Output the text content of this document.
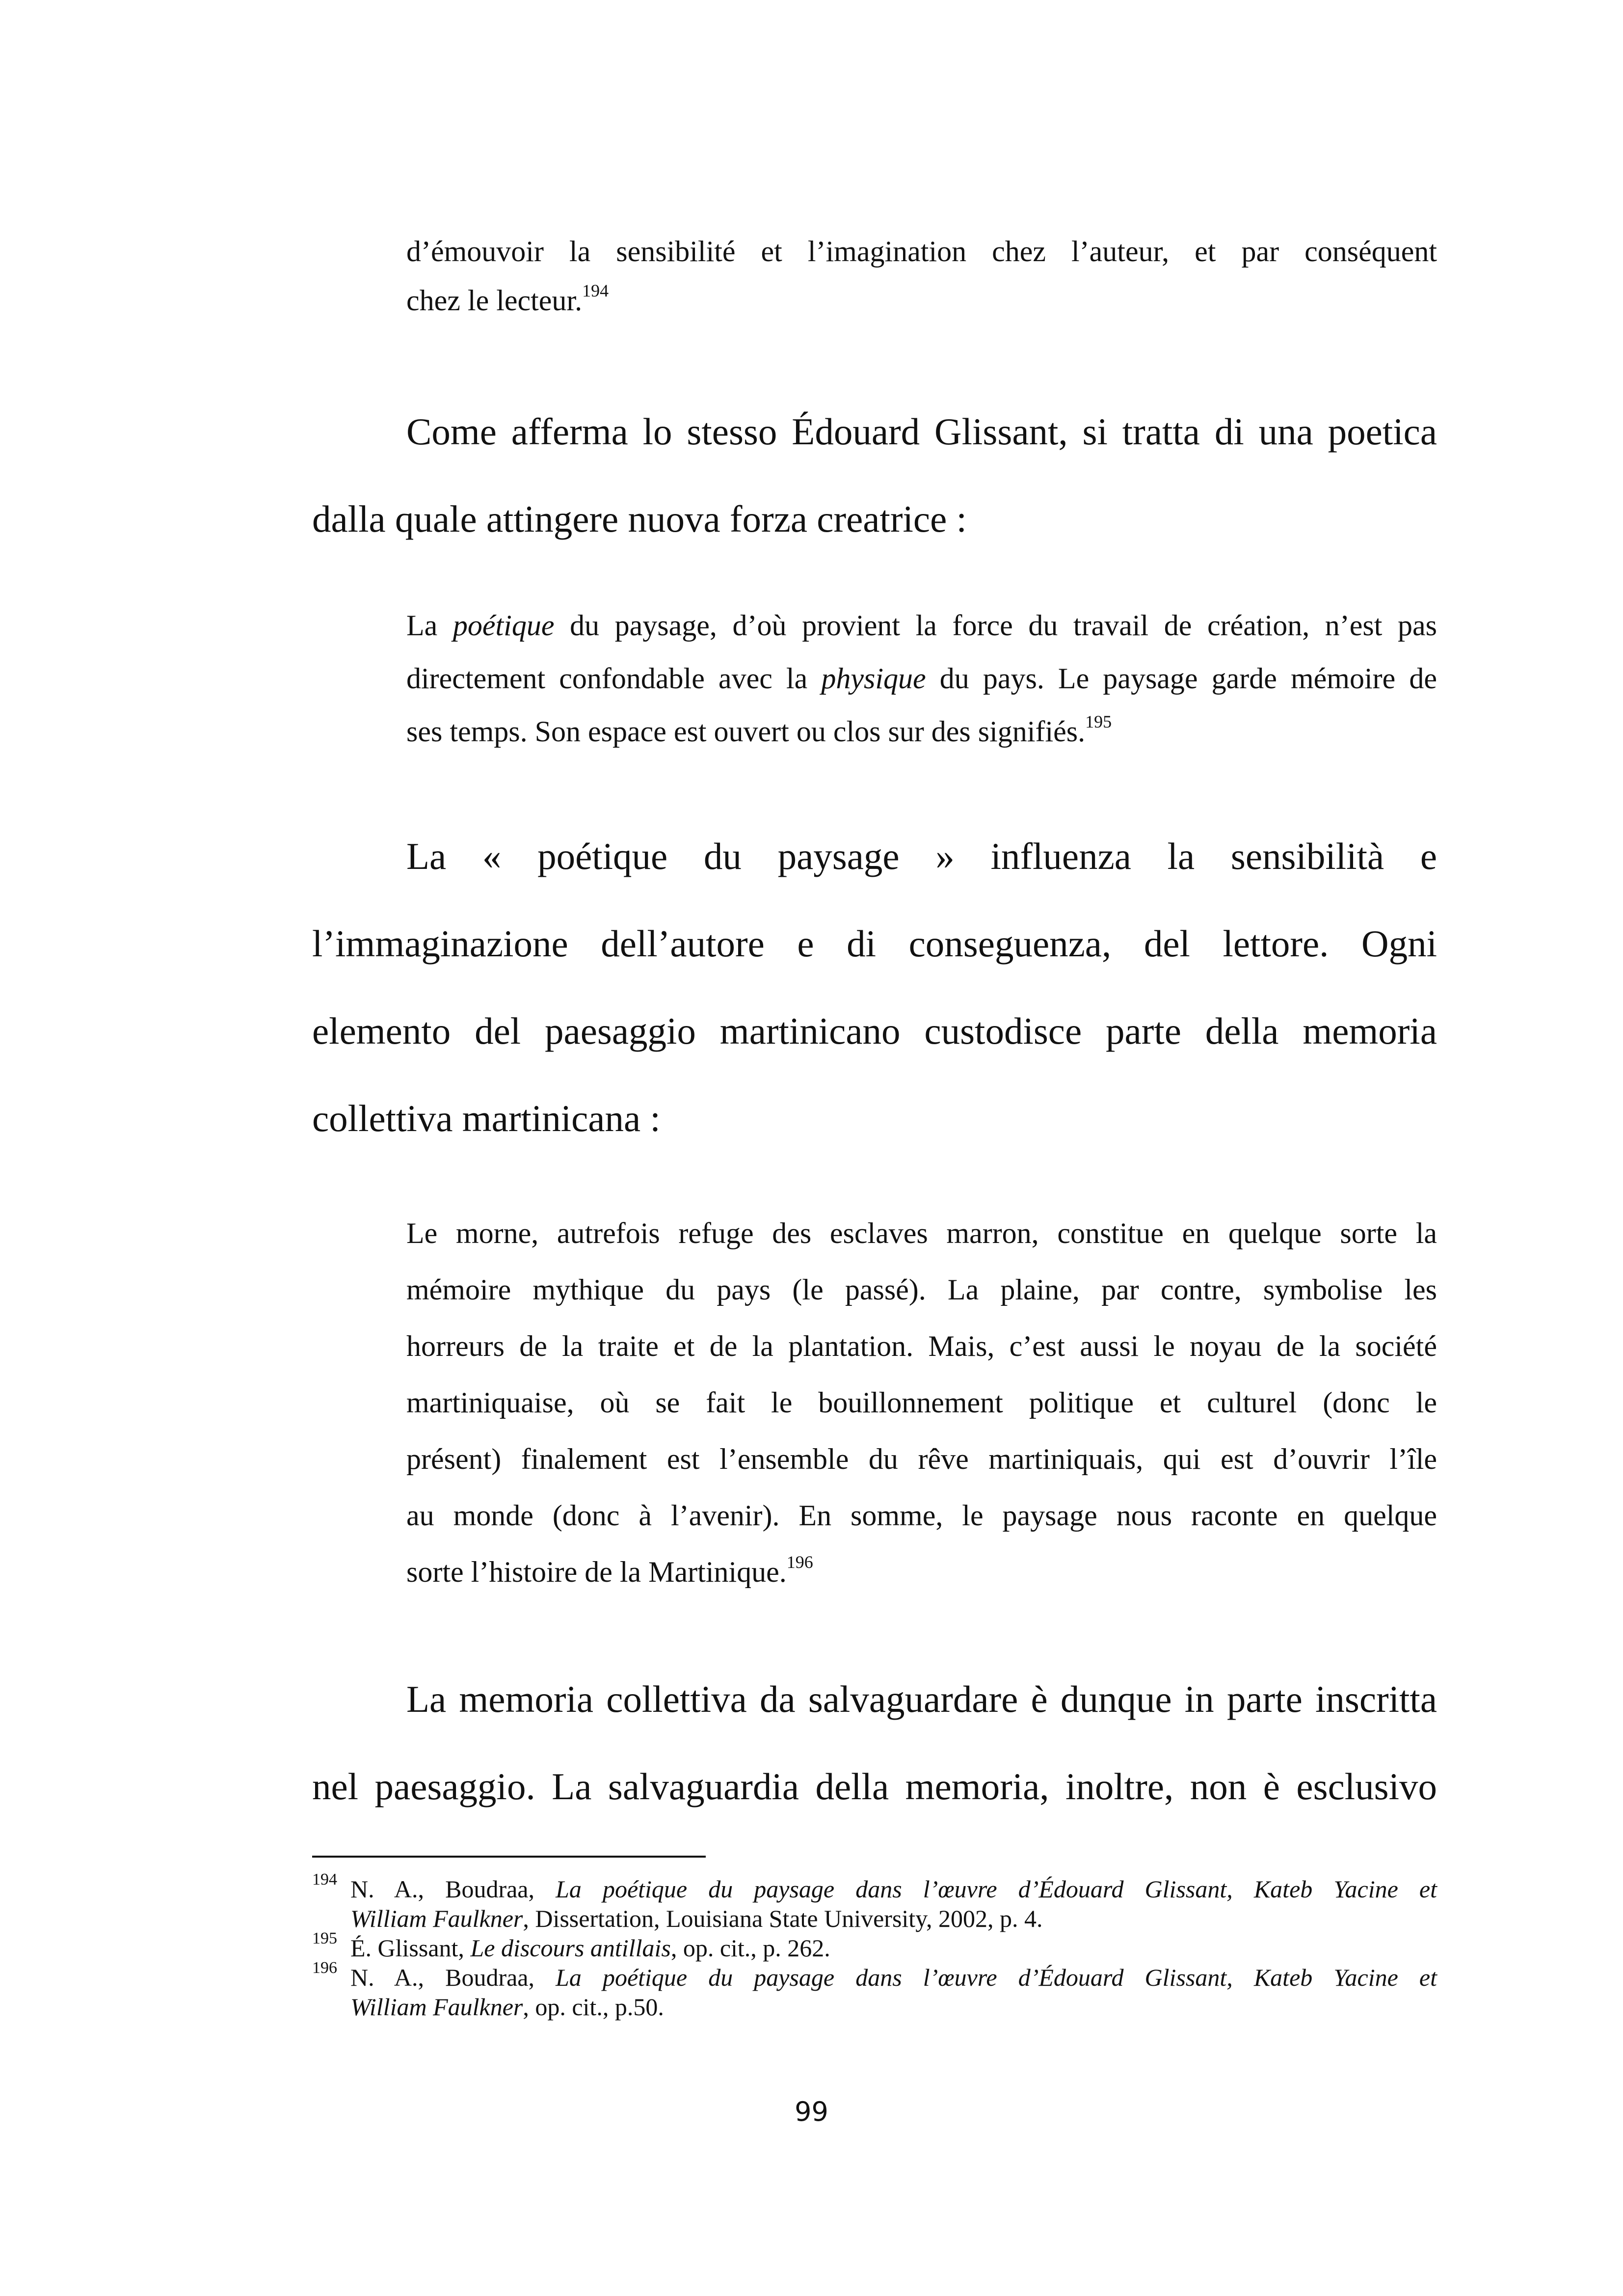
d’émouvoir la sensibilité et l’imagination chez l’auteur, et par conséquent
chez le lecteur.$^{194}$
Come afferma lo stesso Édouard Glissant, si tratta di una poetica
dalla quale attingere nuova forza creatrice :
La poétique du paysage, d’où provient la force du travail de création, n’est pas
directement confondable avec la physique du pays. Le paysage garde mémoire de
ses temps. Son espace est ouvert ou clos sur des signifiés.$^{195}$
La « poétique du paysage » influenza la sensibilità e
l’immaginazione dell’autore e di conseguenza, del lettore. Ogni
elemento del paesaggio martinicano custodisce parte della memoria
collettiva martinicana :
Le morne, autrefois refuge des esclaves marron, constitue en quelque sorte la
mémoire mythique du pays (le passé). La plaine, par contre, symbolise les
horreurs de la traite et de la plantation. Mais, c’est aussi le noyau de la société
martiniquaise, où se fait le bouillonnement politique et culturel (donc le
présent) finalement est l’ensemble du rêve martiniquais, qui est d’ouvrir l’île
au monde (donc à l’avenir). En somme, le paysage nous raconte en quelque
sorte l’histoire de la Martinique.$^{196}$
La memoria collettiva da salvaguardare è dunque in parte inscritta
nel paesaggio. La salvaguardia della memoria, inoltre, non è esclusivo
194 N. A., Boudraa, La poétique du paysage dans l’œuvre d’Édouard Glissant, Kateb Yacine et
William Faulkner, Dissertation, Louisiana State University, 2002, p. 4.
195 É. Glissant, Le discours antillais, op. cit., p. 262.
196 N. A., Boudraa, La poétique du paysage dans l’œuvre d’Édouard Glissant, Kateb Yacine et
William Faulkner, op. cit., p.50.
99
